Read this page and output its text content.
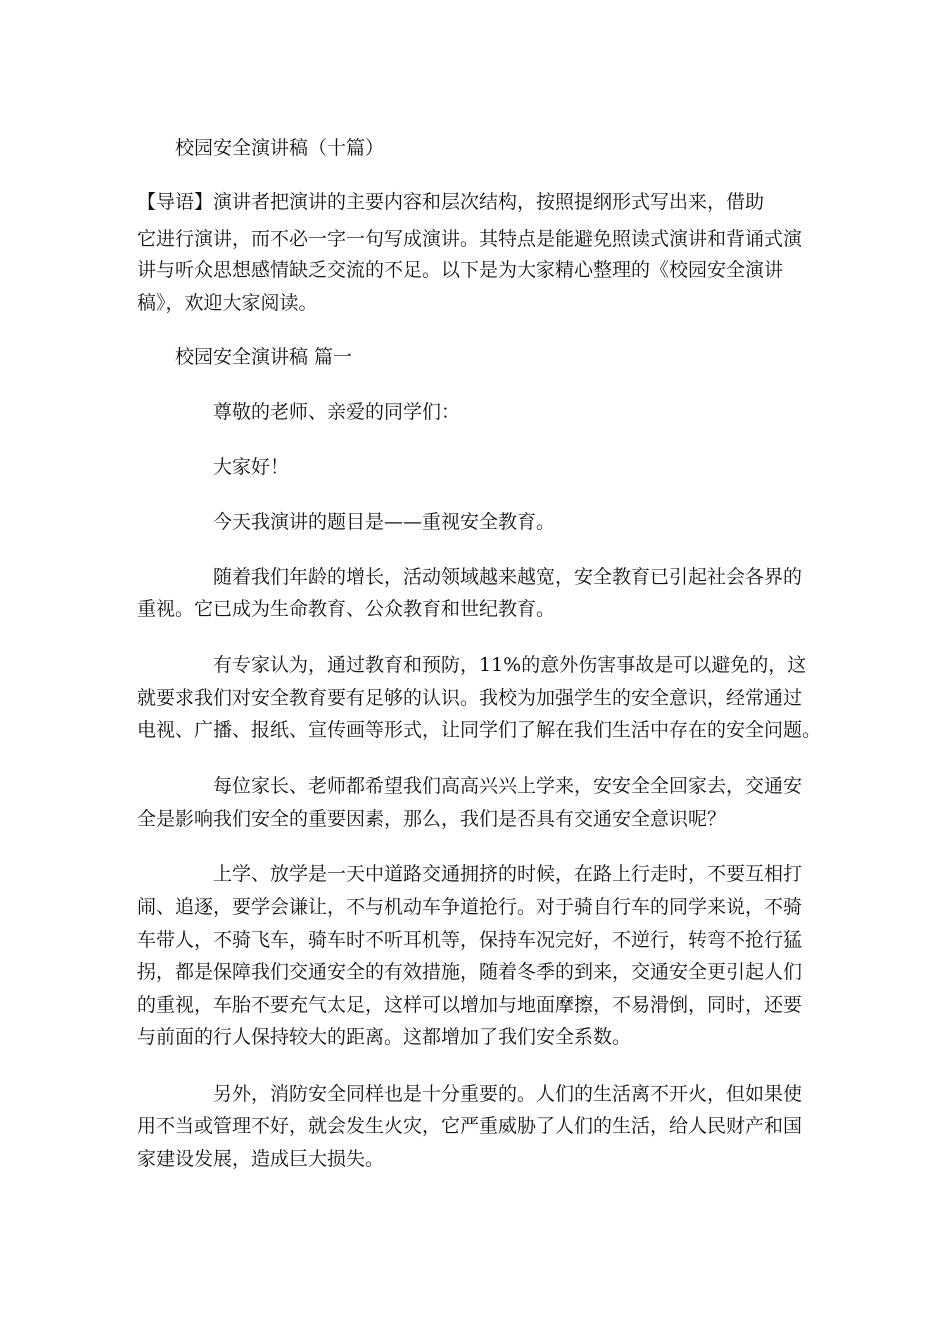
校园安全演讲稿（十篇）
【导语】演讲者把演讲的主要内容和层次结构，按照提纲形式写出来，借助
它进行演讲，而不必一字一句写成演讲。其特点是能避免照读式演讲和背诵式演
讲与听众思想感情缺乏交流的不足。以下是为大家精心整理的《校园安全演讲
稿》，欢迎大家阅读。
校园安全演讲稿 篇一
尊敬的老师、亲爱的同学们：
大家好！
今天我演讲的题目是——重视安全教育。
随着我们年龄的增长，活动领域越来越宽，安全教育已引起社会各界的
重视。它已成为生命教育、公众教育和世纪教育。
有专家认为，通过教育和预防，11%的意外伤害事故是可以避免的，这
就要求我们对安全教育要有足够的认识。我校为加强学生的安全意识，经常通过
电视、广播、报纸、宣传画等形式，让同学们了解在我们生活中存在的安全问题。
每位家长、老师都希望我们高高兴兴上学来，安安全全回家去，交通安
全是影响我们安全的重要因素，那么，我们是否具有交通安全意识呢？
上学、放学是一天中道路交通拥挤的时候，在路上行走时，不要互相打
闹、追逐，要学会谦让，不与机动车争道抢行。对于骑自行车的同学来说，不骑
车带人，不骑飞车，骑车时不听耳机等，保持车况完好，不逆行，转弯不抢行猛
拐，都是保障我们交通安全的有效措施，随着冬季的到来，交通安全更引起人们
的重视，车胎不要充气太足，这样可以增加与地面摩擦，不易滑倒，同时，还要
与前面的行人保持较大的距离。这都增加了我们安全系数。
另外，消防安全同样也是十分重要的。人们的生活离不开火，但如果使
用不当或管理不好，就会发生火灾，它严重威胁了人们的生活，给人民财产和国
家建设发展，造成巨大损失。
